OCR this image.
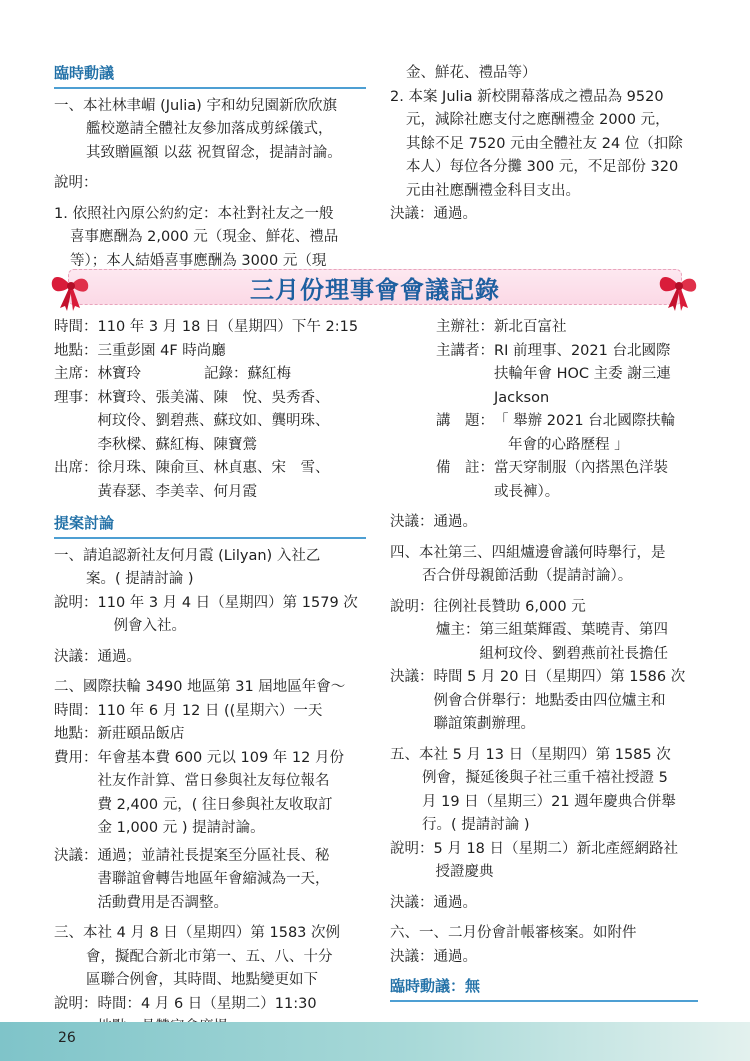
臨時動議
一、本社林聿嵋 (Julia) 宇和幼兒園新欣欣旗
艦校邀請全體社友參加落成剪綵儀式，
其致贈匾額 以茲 祝賀留念，提請討論。
說明：
1. 依照社內原公約約定：本社對社友之一般
喜事應酬為 2,000 元（現金、鮮花、禮品
等）；本人結婚喜事應酬為 3000 元（現
金、鮮花、禮品等）
2. 本案 Julia 新校開幕落成之禮品為 9520
元，減除社應支付之應酬禮金 2000 元，
其餘不足 7520 元由全體社友 24 位（扣除
本人）每位各分攤 300 元，不足部份 320
元由社應酬禮金科目支出。
決議：通過。
三月份理事會會議記錄
時間：110 年 3 月 18 日（星期四）下午 2:15
地點：三重彭園 4F 時尚廳
主席：林寶玲	記錄：蘇紅梅
理事： 林寶玲、張美滿、陳　悅、吳秀香、
柯玟伶、劉碧燕、蘇玟如、龔明珠、
李秋樑、蘇紅梅、陳寶鶯
出席： 徐月珠、陳俞亘、林貞惠、宋　雪、
黃春瑟、李美幸、何月霞
提案討論
一、請追認新社友何月霞 (Lilyan) 入社乙
案。( 提請討論 )
說明： 110 年 3 月 4 日（星期四）第 1579 次
例會入社。
決議：通過。
二、國際扶輪 3490 地區第 31 屆地區年會～
時間：110 年 6 月 12 日 ((星期六）一天
地點：新莊頤品飯店
費用： 年會基本費 600 元以 109 年 12 月份
社友作計算、當日參與社友每位報名
費 2,400 元，( 往日參與社友收取訂
金 1,000 元 ) 提請討論。
決議： 通過；並請社長提案至分區社長、秘
書聯誼會轉告地區年會縮減為一天，
活動費用是否調整。
三、本社 4 月 8 日（星期四）第 1583 次例
會，擬配合新北市第一、五、八、十分
區聯合例會，其時間、地點變更如下
說明： 時間：4 月 6 日（星期二）11:30
主辦社：新北百富社
主講者： RI 前理事、2021 台北國際
扶輪年會 HOC 主委 謝三連
Jackson
講　題： 「 舉辦 2021 台北國際扶輪
年會的心路歷程 」
備　註： 當天穿制服（內搭黑色洋裝
或長褲）。
決議：通過。
四、本社第三、四組爐邊會議何時舉行，是
否合併母親節活動（提請討論）。
說明：往例社長贊助 6,000 元
爐主： 第三組葉輝霞、葉曉青、第四
組柯玟伶、劉碧燕前社長擔任
決議： 時間 5 月 20 日（星期四）第 1586 次
例會合併舉行：地點委由四位爐主和
聯誼策劃辦理。
五、本社 5 月 13 日（星期四）第 1585 次
例會，擬延後與子社三重千禧社授證 5
月 19 日（星期三）21 週年慶典合併舉
行。( 提請討論 )
說明： 5 月 18 日（星期二）新北產經網路社
授證慶典
決議：通過。
六、一、二月份會計帳審核案。如附件
決議：通過。
臨時動議：無
26
